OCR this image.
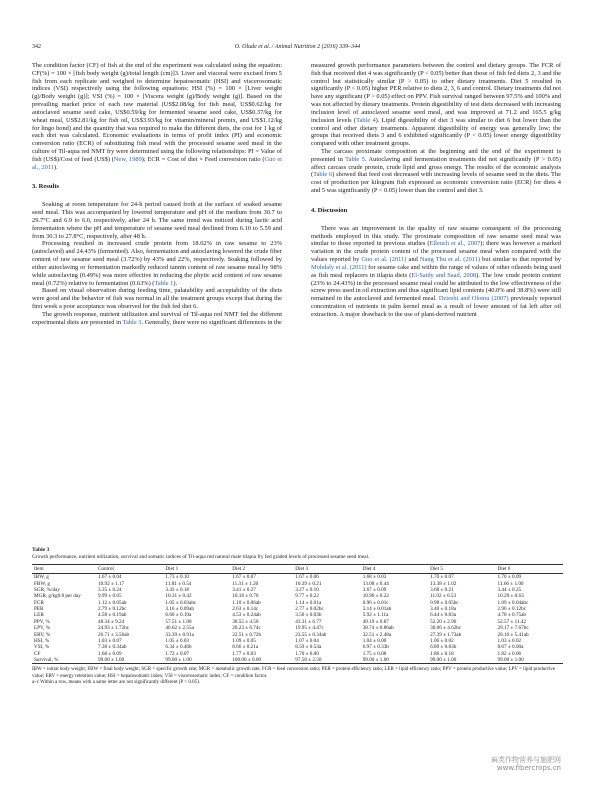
342	O. Olude et al. / Animal Nutrition 2 (2016) 339–344

The condition factor (CF) of fish at the end of the experiment was calculated using the equation: CF(%) = 100 × [fish body weight (g)/total length (cm)]3. Liver and visceral were excised from 5 fish from each replicate and weighed to determine hepatosomatic (HSI) and viscerosomatic indices (VSI) respectively using the following equations: HSI (%) = 100 × [Liver weight (g)/Body weight (g)]; VSI (%) = 100 × [Viscera weight (g)/Body weight (g)]. Based on the prevailing market price of each raw material (US$2.08/kg for fish meal, US$0.62/kg for autoclaved sesame seed cake, US$0.59/kg for fermented sesame seed cake, US$0.37/kg for wheat meal, US$2.81/kg for fish oil, US$3.93/kg for vitamin/mineral premix, and US$1.12/kg for lingo bond) and the quantity that was required to make the different diets, the cost for 1 kg of each diet was calculated. Economic evaluations in terms of profit index (PI) and economic conversion ratio (ECR) of substituting fish meal with the processed sesame seed meal in the culture of Til-aqua red NMT fry were determined using the following relationships: PI = Value of fish (US$)/Cost of feed (US$) (New, 1989); ECR = Cost of diet × Feed conversion ratio (Guo et al., 2011).

3. Results

Soaking at room temperature for 24-h period caused froth at the surface of soaked sesame seed meal. This was accompanied by lowered temperature and pH of the medium from 30.7 to 29.7°C and 6.9 to 6.0, respectively, after 24 h. The same trend was noticed during lactic acid fermentation where the pH and temperature of sesame seed meal declined from 6.10 to 5.59 and from 30.3 to 27.8°C, respectively, after 48 h.

Processing resulted in increased crude protein from 18.02% in raw sesame to 23% (autoclaved) and 24.43% (fermented). Also, fermentation and autoclaving lowered the crude fiber content of raw sesame seed meal (3.72%) by 43% and 22%, respectively. Soaking followed by either autoclaving or fermentation markedly reduced tannin content of raw sesame meal by 98% while autoclaving (0.49%) was more effective in reducing the phytic acid content of raw sesame meal (0.72%) relative to fermentation (0.63%) (Table 1).

Based on visual observation during feeding time, palatability and acceptability of the diets were good and the behavior of fish was normal in all the treatment groups except that during the first week a poor acceptance was observed for the fish fed diet 6.

The growth response, nutrient utilization and survival of Til-aqua red NMT fed the different experimental diets are presented in Table 3. Generally, there were no significant differences in the

measured growth performance parameters between the control and dietary groups. The FCR of fish that received diet 4 was significantly (P < 0.05) better than those of fish fed diets 2, 3 and the control but statistically similar (P > 0.05) to other dietary treatments. Diet 5 resulted in significantly (P < 0.05) higher PER relative to diets 2, 3, 6 and control. Dietary treatments did not have any significant (P > 0.05) effect on PPV. Fish survival ranged between 97.5% and 100% and was not affected by dietary treatments. Protein digestibility of test diets decreased with increasing inclusion level of autoclaved sesame seed meal, and was improved at 71.2 and 165.5 g/kg inclusion levels (Table 4). Lipid digestibility of diet 3 was similar to diet 6 but lower than the control and other dietary treatments. Apparent digestibility of energy was generally low; the groups that received diets 3 and 6 exhibited significantly (P < 0.05) lower energy digestibility compared with other treatment groups.

The carcass proximate composition at the beginning and the end of the experiment is presented in Table 5. Autoclaving and fermentation treatments did not significantly (P > 0.05) affect carcass crude protein, crude lipid and gross energy. The results of the economic analysis (Table 6) showed that feed cost decreased with increasing levels of sesame seed in the diets. The cost of production per kilogram fish expressed as economic conversion ratio (ECR) for diets 4 and 5 was significantly (P < 0.05) lower than the control and diet 3.

4. Discussion

There was an improvement in the quality of raw sesame consequent of the processing methods employed in this study. The proximate composition of raw sesame seed meal was similar to those reported in previous studies (Elleuch et al., 2007); there was however a marked variation in the crude protein content of the processed sesame meal when compared with the values reported by Guo et al. (2011) and Nang Thu et al. (2011) but similar to that reported by Mohdaly et al. (2011) for sesame cake and within the range of values of other oilseeds being used as fish meal replacers in tilapia diets (El-Saidy and Saad, 2008). The low crude protein content (23% to 24.43%) in the processed sesame meal could be attributed to the low effectiveness of the screw press used in oil extraction and thus significant lipid contents (40.0% and 38.8%) were still remained in the autoclaved and fermented meal. Dzieshi and Olomu (2007) previously reported concentration of nutrients in palm kernel meal as a result of lower amount of fat left after oil extraction. A major drawback to the use of plant-derived nutrient

Table 3
Growth performance, nutrient utilization, survival and somatic indices of Til-aqua red natural male tilapia fry fed graded levels of processed sesame seed meal.
Item	Control	Diet 1	Diet 2	Diet 3	Diet 4	Diet 5	Diet 6
IBW, g	1.67 ± 0.04	1.73 ± 0.10	1.67 ± 0.07	1.67 ± 0.06	1.68 ± 0.03	1.70 ± 0.07	1.70 ± 0.09
FBW, g	10.92 ± 1.17	11.81 ± 0.54	11.31 ± 1.20	10.39 ± 0.21	13.08 ± 0.44	13.38 ± 1.02	11.66 ± 1.00
SGR, %/day	3.35 ± 0.24	3.43 ± 0.18	3.41 ± 0.27	3.27 ± 0.10	3.67 ± 0.09	3.68 ± 0.21	3.44 ± 0.25
MGR, g/kg0.8 per day	9.99 ± 0.65	10.31 ± 0.42	10.18 ± 0.70	9.77 ± 0.22	10.96 ± 0.22	11.02 ± 0.53	10.29 ± 0.63
FCR	1.12 ± 0.05ab	1.05 ± 0.03abc	1.10 ± 0.06ab	1.14 ± 0.01a	0.96 ± 0.01c	0.98 ± 0.05bc	1.09 ± 0.04abc
PER	2.79 ± 0.12bc	3.16 ± 0.09ab	2.63 ± 0.14c	2.77 ± 0.02bc	3.14 ± 0.01ab	3.40 ± 0.18a	2.96 ± 0.12bc
LER	4.58 ± 0.19ab	6.60 ± 0.19a	4.53 ± 0.24ab	3.50 ± 0.03b	5.92 ± 1.11a	6.44 ± 0.83a	4.78 ± 0.75ab
PPV, %	48.34 ± 9.24	57.51 ± 1.08	38.55 ± 4.50	43.31 ± 6.77	49.19 ± 0.87	52.20 ± 2.90	52.57 ± 11.42
LPV, %	24.93 ± 1.72bc	46.62 ± 2.55a	20.23 ± 6.74c	19.95 ± 4.47c	38.74 ± 0.86ab	30.06 ± 4.62bc	29.17 ± 7.67bc
ERV, %	26.71 ± 3.56ab	33.39 ± 0.91a	22.51 ± 0.72b	23.55 ± 0.34ab	32.51 ± 2.48a	27.39 ± 1.73ab	28.16 ± 5.41ab
HSI, %	1.03 ± 0.07	1.05 ± 0.03	1.09 ± 0.05	1.07 ± 0.04	1.04 ± 0.00	1.06 ± 0.02	1.03 ± 0.02
VSI, %	7.38 ± 0.34ab	6.34 ± 0.46b	8.66 ± 0.21a	8.59 ± 0.53a	6.97 ± 0.33b	6.89 ± 0.83b	8.67 ± 0.00a
CF	1.68 ± 0.09	1.72 ± 0.07	1.77 ± 0.03	1.70 ± 0.00	1.75 ± 0.08	1.86 ± 0.18	1.82 ± 0.06
Survival, %	99.00 ± 1.00	99.00 ± 1.00	100.00 ± 0.00	97.50 ± 2.50	99.00 ± 1.00	99.00 ± 1.00	99.00 ± 1.00
IBW = initial body weight; FBW = final body weight; SGR = specific growth rate; MGR = metabolic growth rate; FCR = feed conversion ratio; PER = protein efficiency ratio; LER = lipid efficiency ratio; PPV = protein productive value; LPV = lipid productive value; ERV = energy retention value; HSI = hepatosomatic index; VSI = viscerosomatic index; CF = condition factor.
a–c Within a row, means with a same letter are not significantly different (P > 0.05).
麻类作物营养与施肥网
www.fibercrops.cn
